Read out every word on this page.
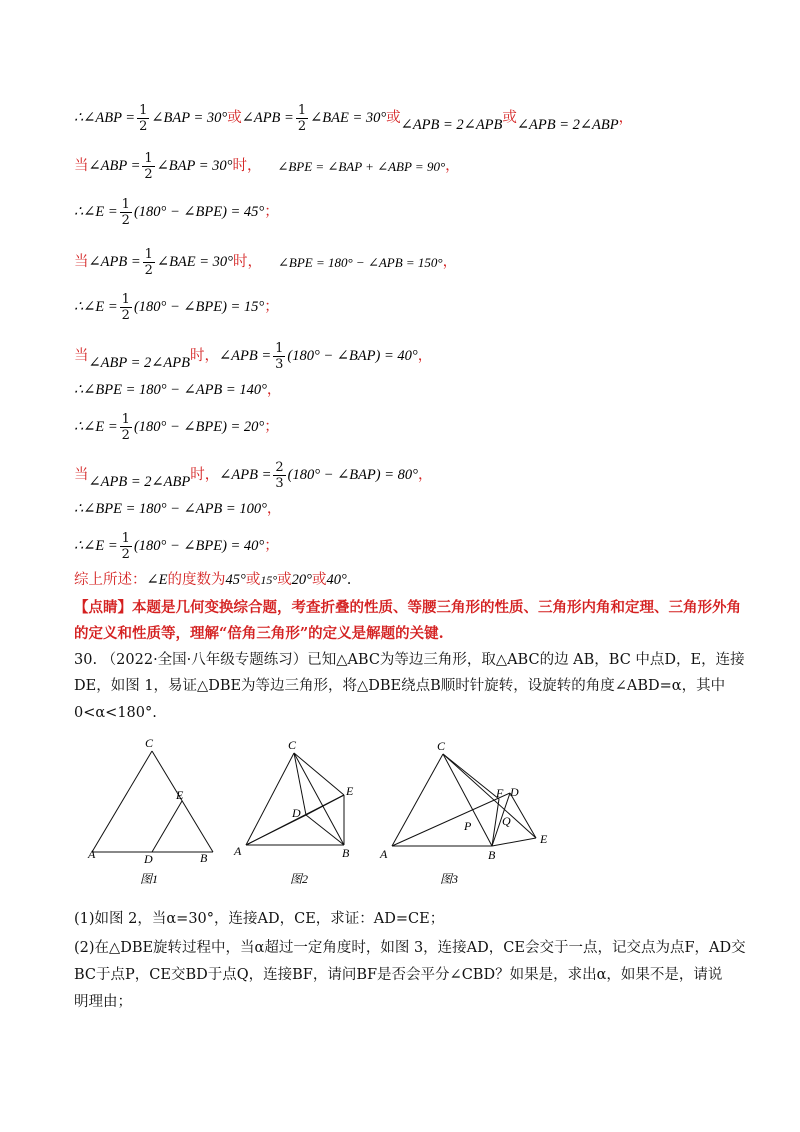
∴∠ABP = $\frac{1}{2}$ ∠BAP = 30° 或 ∠APB = $\frac{1}{2}$ ∠BAE = 30° 或 ∠APB = 2∠APB 或 ∠APB = 2∠ABP ，
当 ∠ABP = $\frac{1}{2}$ ∠BAP = 30° 时， ∠BPE = ∠BAP + ∠ABP = 90° ，
∴∠E = $\frac{1}{2} (180^\circ$ − ∠BPE) = 45° ；
当 ∠APB = $\frac{1}{2}$ ∠BAE = 30° 时， ∠BPE = 180° − ∠APB = 150° ，
∴∠E = $\frac{1}{2} (180^\circ$ − ∠BPE) = 15° ；
当 ∠ABP = 2∠APB 时， ∠APB = $\frac{1}{3} (180^\circ$ − ∠BAP) = 40° ，
∴∠BPE = 180° − ∠APB = 140° ，
∴∠E = $\frac{1}{2} (180^\circ$ − ∠BPE) = 20° ；
当 ∠APB = 2∠ABP 时， ∠APB = $\frac{2}{3} (180^\circ$ − ∠BAP) = 80° ，
∴∠BPE = 180° − ∠APB = 100° ，
∴∠E = $\frac{1}{2} (180^\circ$ − ∠BPE) = 40° ；
综上所述： ∠E 的度数为 45° 或 15° 或 20° 或 40° .
【点睛】本题是几何变换综合题，考查折叠的性质、等腰三角形的性质、三角形内角和定理、三角形外角
的定义和性质等，理解“倍角三角形”的定义是解题的关键.
30. （2022·全国·八年级专题练习）已知△ABC为等边三角形，取△ABC的边 AB，BC 中点D，E，连接
DE，如图 1，易证△DBE为等边三角形，将△DBE绕点B顺时针旋转，设旋转的角度∠ABD=α，其中
0<α<180°.
C
E
A	D	B
图1
C
E
D
A	B
图2
C
F D
P	Q
E
A	B
图3
(1)如图 2，当α=30°，连接AD，CE，求证：AD=CE；
(2)在△DBE旋转过程中，当α超过一定角度时，如图 3，连接AD，CE会交于一点，记交点为点F，AD交
BC于点P，CE交BD于点Q，连接BF，请问BF是否会平分∠CBD？如果是，求出α，如果不是，请说
明理由；
